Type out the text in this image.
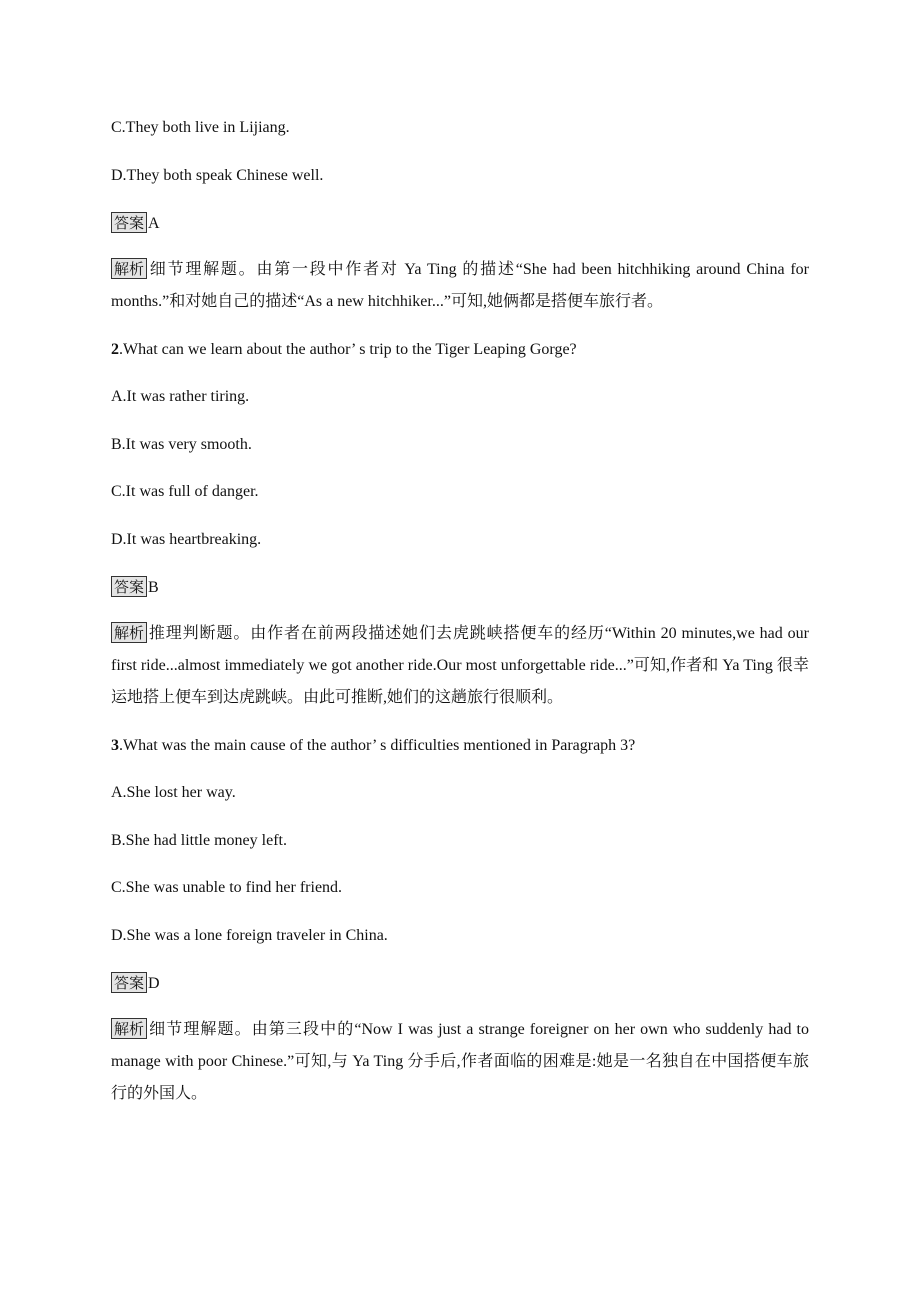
C.They both live in Lijiang.
D.They both speak Chinese well.
答案 A
解析 细节理解题。由第一段中作者对 Ya Ting 的描述“She had been hitchhiking around China for months.”和对她自己的描述“As a new hitchhiker...”可知,她俩都是搭便车旅行者。
2.What can we learn about the author’ s trip to the Tiger Leaping Gorge?
A.It was rather tiring.
B.It was very smooth.
C.It was full of danger.
D.It was heartbreaking.
答案 B
解析 推理判断题。由作者在前两段描述她们去虎跳峡搭便车的经历“Within 20 minutes,we had our first ride...almost immediately we got another ride.Our most unforgettable ride...”可知,作者和 Ya Ting 很幸运地搭上便车到达虎跳峡。由此可推断,她们的这趟旅行很顺利。
3.What was the main cause of the author’ s difficulties mentioned in Paragraph 3?
A.She lost her way.
B.She had little money left.
C.She was unable to find her friend.
D.She was a lone foreign traveler in China.
答案 D
解析 细节理解题。由第三段中的“Now I was just a strange foreigner on her own who suddenly had to manage with poor Chinese.”可知,与 Ya Ting 分手后,作者面临的困难是:她是一名独自在中国搭便车旅行的外国人。
